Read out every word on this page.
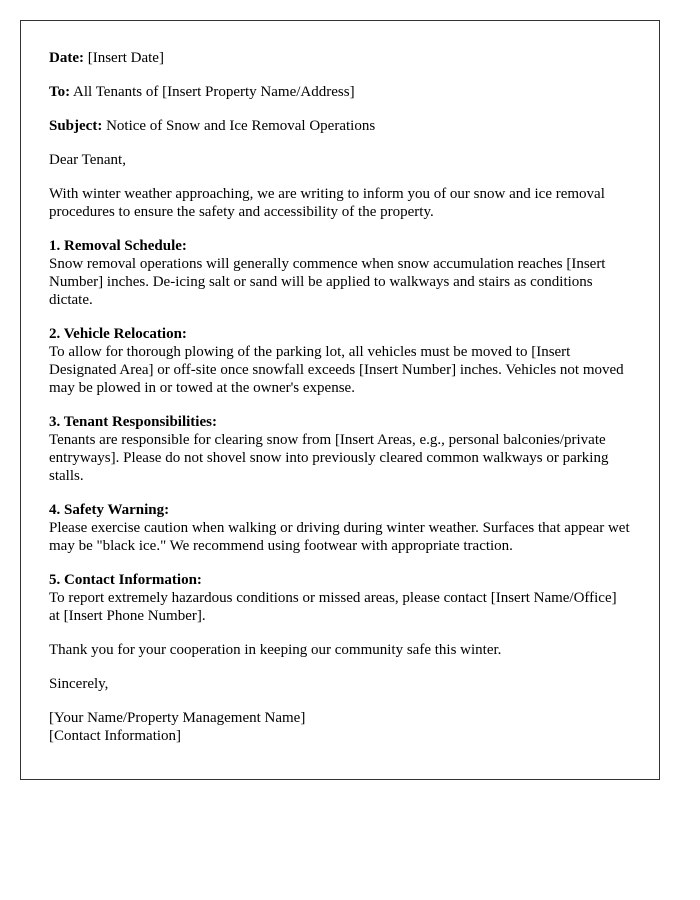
Date: [Insert Date]

To: All Tenants of [Insert Property Name/Address]

Subject: Notice of Snow and Ice Removal Operations

Dear Tenant,

With winter weather approaching, we are writing to inform you of our snow and ice removal procedures to ensure the safety and accessibility of the property.

1. Removal Schedule:
Snow removal operations will generally commence when snow accumulation reaches [Insert Number] inches. De-icing salt or sand will be applied to walkways and stairs as conditions dictate.

2. Vehicle Relocation:
To allow for thorough plowing of the parking lot, all vehicles must be moved to [Insert Designated Area] or off-site once snowfall exceeds [Insert Number] inches. Vehicles not moved may be plowed in or towed at the owner's expense.

3. Tenant Responsibilities:
Tenants are responsible for clearing snow from [Insert Areas, e.g., personal balconies/private entryways]. Please do not shovel snow into previously cleared common walkways or parking stalls.

4. Safety Warning:
Please exercise caution when walking or driving during winter weather. Surfaces that appear wet may be "black ice." We recommend using footwear with appropriate traction.

5. Contact Information:
To report extremely hazardous conditions or missed areas, please contact [Insert Name/Office] at [Insert Phone Number].

Thank you for your cooperation in keeping our community safe this winter.

Sincerely,

[Your Name/Property Management Name]
[Contact Information]
